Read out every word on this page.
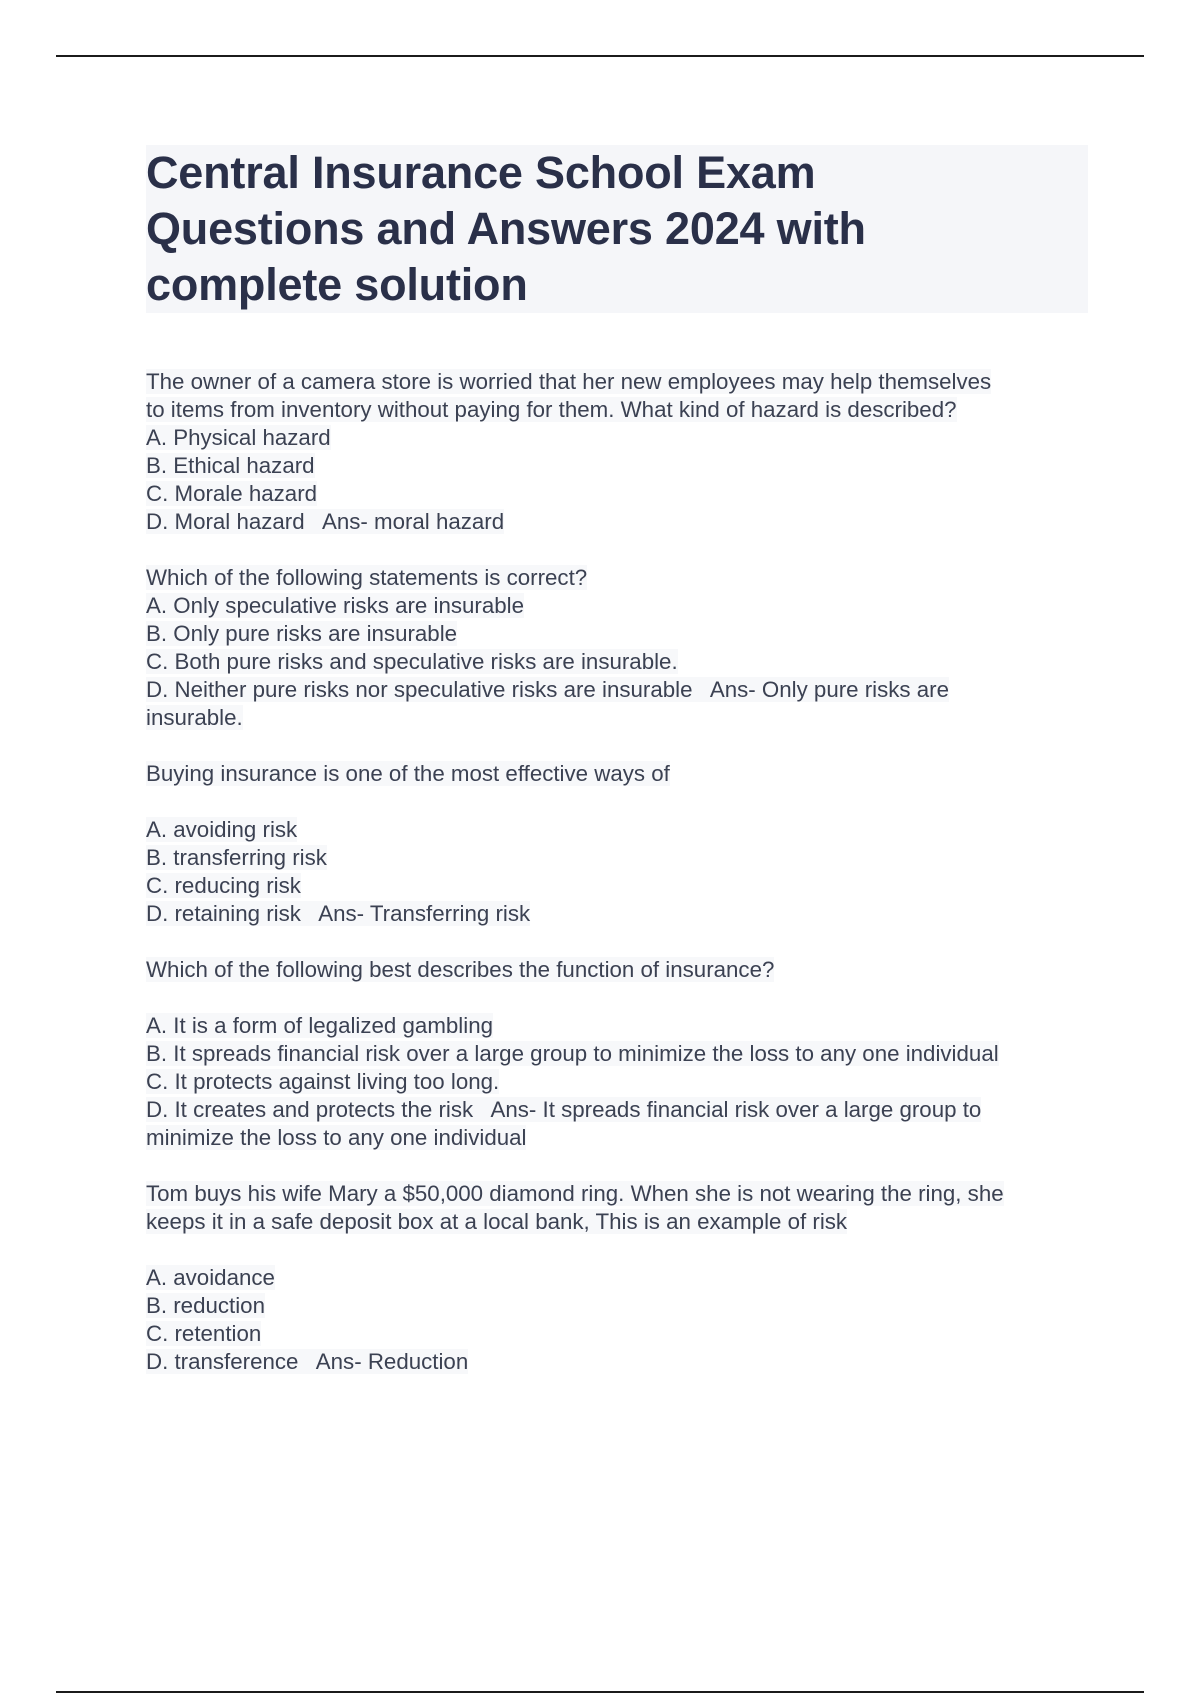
Central Insurance School Exam
Questions and Answers 2024 with
complete solution
The owner of a camera store is worried that her new employees may help themselves
to items from inventory without paying for them. What kind of hazard is described?
A. Physical hazard
B. Ethical hazard
C. Morale hazard
D. Moral hazard   Ans- moral hazard
Which of the following statements is correct?
A. Only speculative risks are insurable
B. Only pure risks are insurable
C. Both pure risks and speculative risks are insurable.
D. Neither pure risks nor speculative risks are insurable   Ans- Only pure risks are
insurable.
Buying insurance is one of the most effective ways of
A. avoiding risk
B. transferring risk
C. reducing risk
D. retaining risk   Ans- Transferring risk
Which of the following best describes the function of insurance?
A. It is a form of legalized gambling
B. It spreads financial risk over a large group to minimize the loss to any one individual
C. It protects against living too long.
D. It creates and protects the risk   Ans- It spreads financial risk over a large group to
minimize the loss to any one individual
Tom buys his wife Mary a $50,000 diamond ring. When she is not wearing the ring, she
keeps it in a safe deposit box at a local bank, This is an example of risk
A. avoidance
B. reduction
C. retention
D. transference   Ans- Reduction
